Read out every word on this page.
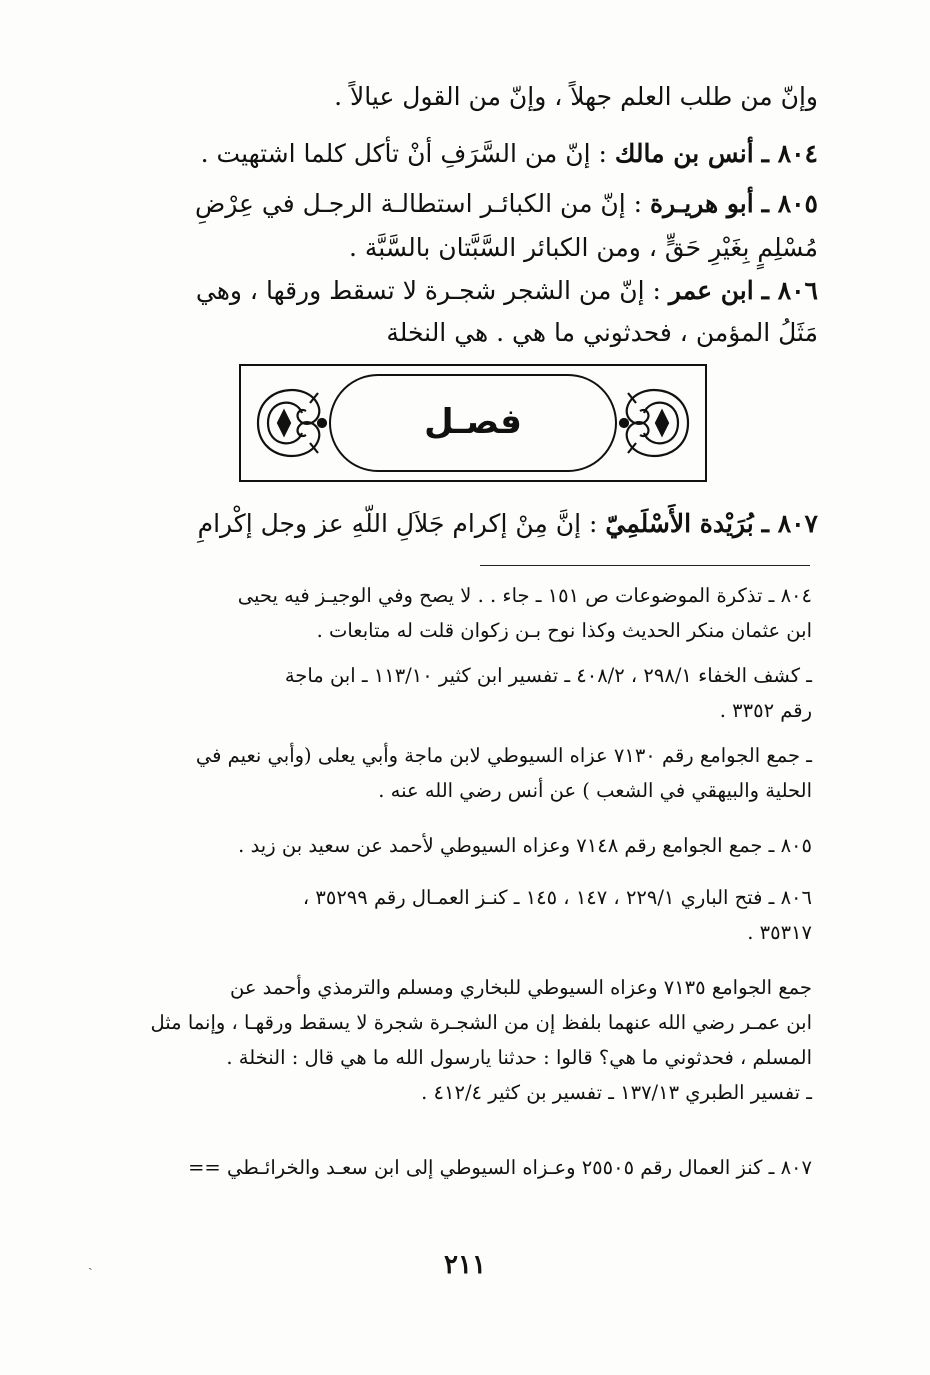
وإنّ من طلب العلم جهلاً ، وإنّ من القول عيالاً .
٨٠٤ ـ أنس بن مالك : إنّ من السَّرَفِ أنْ تأكل كلما اشتهيت .
٨٠٥ ـ أبو هريـرة : إنّ من الكبائـر استطالـة الرجـل في عِرْضِ
مُسْلِمٍ بِغَيْرِ حَقٍّ ، ومن الكبائر السَّبَّتان بالسَّبَّة .
٨٠٦ ـ ابن عمر : إنّ من الشجر شجـرة لا تسقط ورقها ، وهي
مَثَلُ المؤمن ، فحدثوني ما هي . هي النخلة
فصـل
٨٠٧ ـ بُرَيْدة الأَسْلَمِيّ : إنَّ مِنْ إكرام جَلاَلِ اللّهِ عز وجل إكْرامِ
٨٠٤ ـ تذكرة الموضوعات ص ١٥١ ـ جاء . . لا يصح وفي الوجيـز فيه يحيى
ابن عثمان منكر الحديث وكذا نوح بـن زكوان قلت له متابعات .
ـ كشف الخفاء ٢٩٨/١ ، ٤٠٨/٢ ـ تفسير ابن كثير ١١٣/١٠ ـ ابن ماجة
رقم ٣٣٥٢ .
ـ جمع الجوامع رقم ٧١٣٠ عزاه السيوطي لابن ماجة وأبي يعلى (وأبي نعيم في
الحلية والبيهقي في الشعب ) عن أنس رضي الله عنه .
٨٠٥ ـ جمع الجوامع رقم ٧١٤٨ وعزاه السيوطي لأحمد عن سعيد بن زيد .
٨٠٦ ـ فتح الباري ٢٢٩/١ ، ١٤٧ ، ١٤٥ ـ كنـز العمـال رقم ٣٥٢٩٩ ،
٣٥٣١٧ .
جمع الجوامع ٧١٣٥ وعزاه السيوطي للبخاري ومسلم والترمذي وأحمد عن
ابن عمـر رضي الله عنهما بلفظ إن من الشجـرة شجرة لا يسقط ورقهـا ، وإنما مثل
المسلم ، فحدثوني ما هي؟ قالوا : حدثنا يارسول الله ما هي قال : النخلة .
ـ تفسير الطبري ١٣٧/١٣ ـ تفسير بن كثير ٤١٢/٤ .
٨٠٧ ـ كنز العمال رقم ٢٥٥٠٥ وعـزاه السيوطي إلى ابن سعـد والخرائـطي ==
٢١١
ˎ
